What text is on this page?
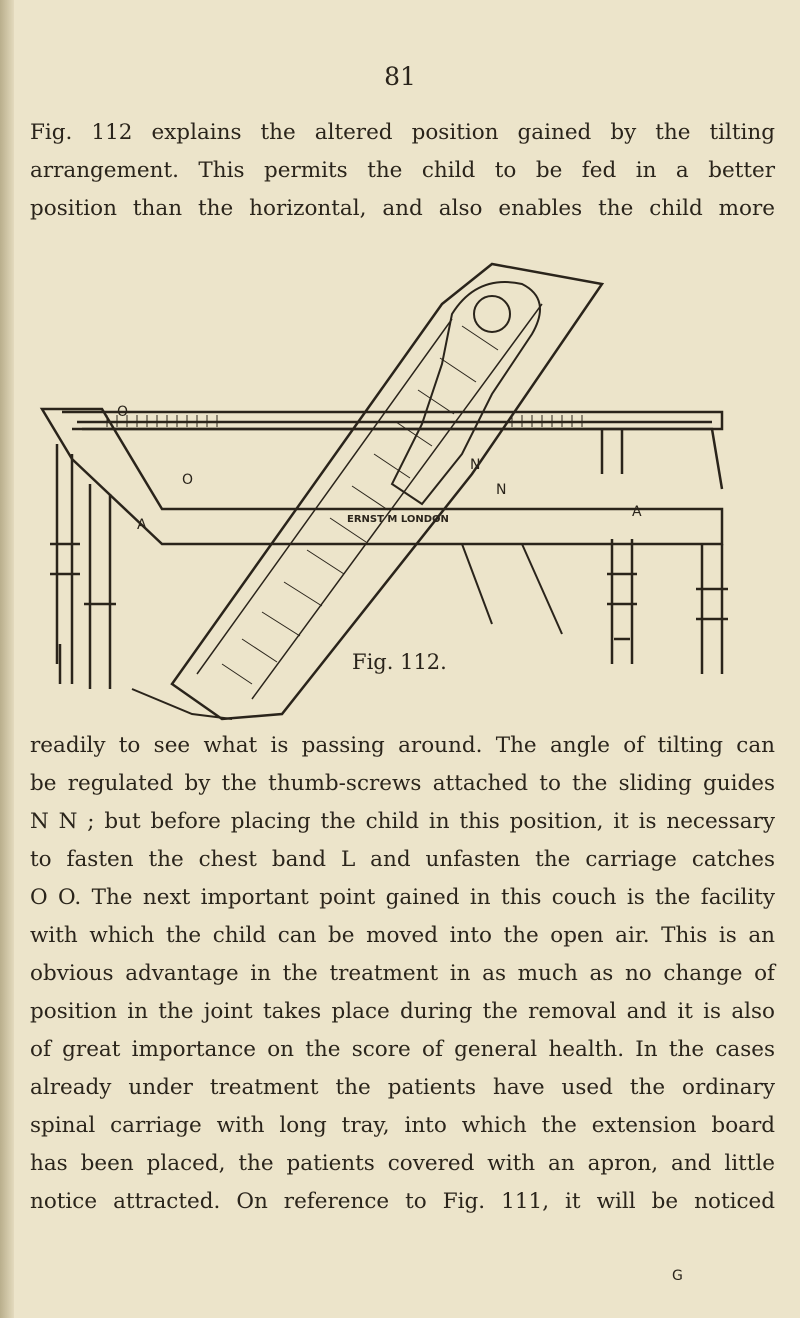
81

Fig. 112 explains the altered position gained by the tilting
arrangement. This permits the child to be fed in a better
position than the horizontal, and also enables the child more

O
O
A
A
N
N
ERNST M LONDON
Fig. 112.

readily to see what is passing around. The angle of tilting can
be regulated by the thumb-screws attached to the sliding guides
N N ; but before placing the child in this position, it is necessary
to fasten the chest band L and unfasten the carriage catches
O O. The next important point gained in this couch is the facility
with which the child can be moved into the open air. This is an
obvious advantage in the treatment in as much as no change of
position in the joint takes place during the removal and it is also
of great importance on the score of general health. In the cases
already under treatment the patients have used the ordinary
spinal carriage with long tray, into which the extension board
has been placed, the patients covered with an apron, and little
notice attracted. On reference to Fig. 111, it will be noticed

G
